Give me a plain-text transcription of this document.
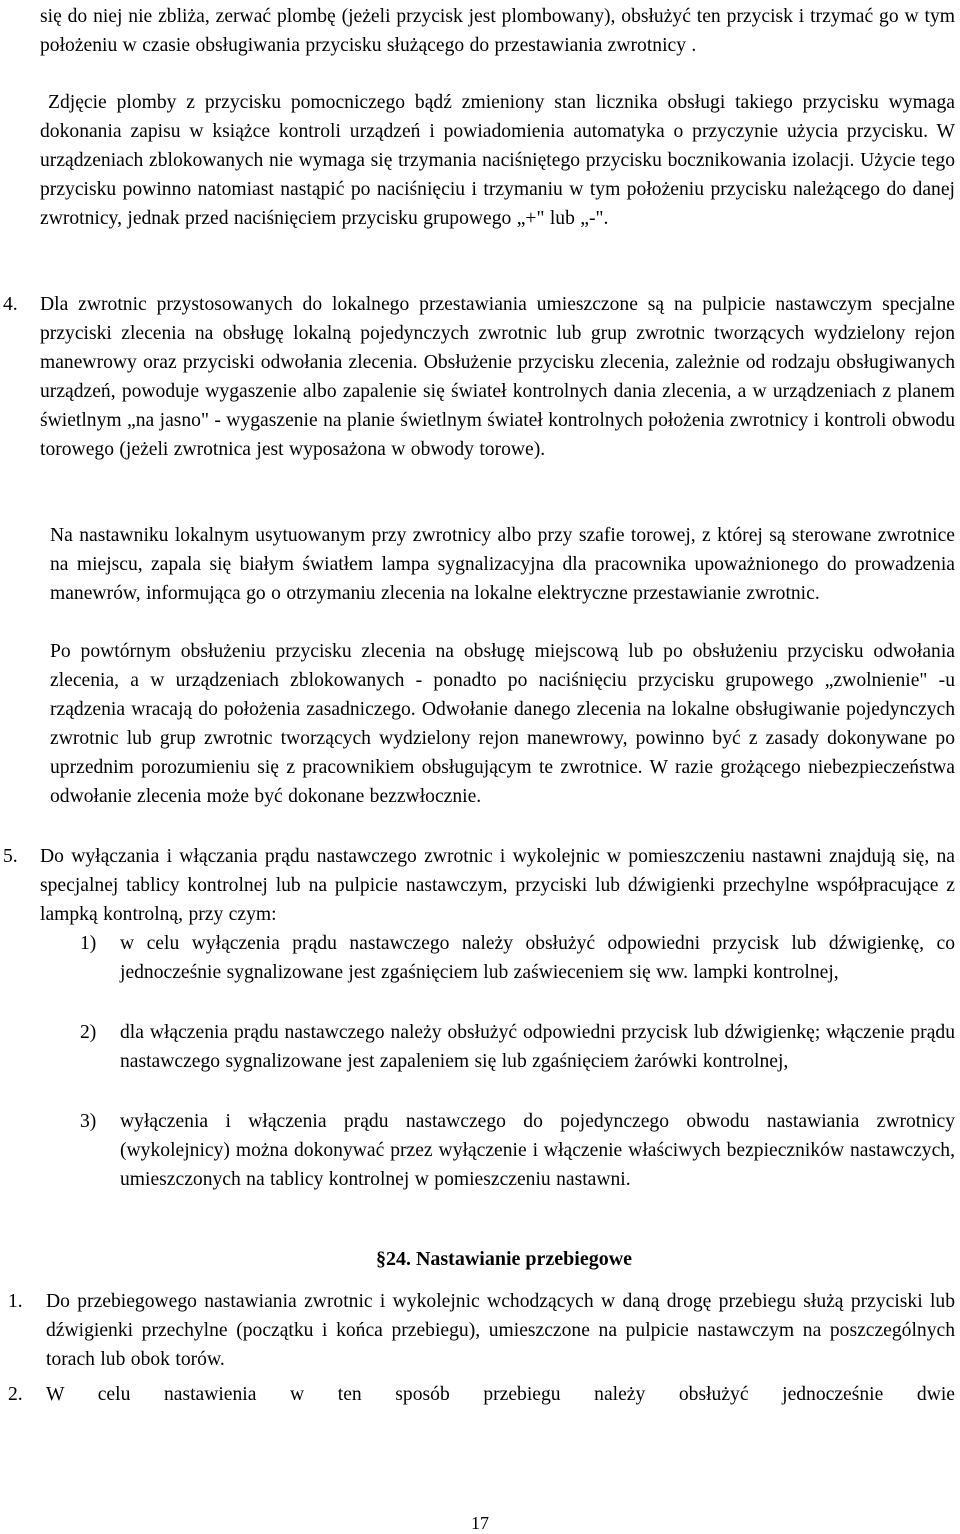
się do niej nie zbliża, zerwać plombę (jeżeli przycisk jest plombowany), obsłużyć ten przycisk i trzymać go w tym położeniu w czasie obsługiwania przycisku służącego do przestawiania zwrotnicy .
Zdjęcie plomby z przycisku pomocniczego bądź zmieniony stan licznika obsługi takiego przycisku wymaga dokonania zapisu w książce kontroli urządzeń i powiadomienia automatyka o przyczynie użycia przycisku. W urządzeniach zblokowanych nie wymaga się trzymania naciśniętego przycisku bocznikowania izolacji. Użycie tego przycisku powinno natomiast nastąpić po naciśnięciu i trzymaniu w tym położeniu przycisku należącego do danej zwrotnicy, jednak przed naciśnięciem przycisku grupowego „+" lub „-".
4. Dla zwrotnic przystosowanych do lokalnego przestawiania umieszczone są na pulpicie nastawczym specjalne przyciski zlecenia na obsługę lokalną pojedynczych zwrotnic lub grup zwrotnic tworzących wydzielony rejon manewrowy oraz przyciski odwołania zlecenia. Obsłużenie przycisku zlecenia, zależnie od rodzaju obsługiwanych urządzeń, powoduje wygaszenie albo zapalenie się świateł kontrolnych dania zlecenia, a w urządzeniach z planem świetlnym „na jasno" - wygaszenie na planie świetlnym świateł kontrolnych położenia zwrotnicy i kontroli obwodu torowego (jeżeli zwrotnica jest wyposażona w obwody torowe).
Na nastawniku lokalnym usytuowanym przy zwrotnicy albo przy szafie torowej, z której są sterowane zwrotnice na miejscu, zapala się białym światłem lampa sygnalizacyjna dla pracownika upoważnionego do prowadzenia manewrów, informująca go o otrzymaniu zlecenia na lokalne elektryczne przestawianie zwrotnic.
Po powtórnym obsłużeniu przycisku zlecenia na obsługę miejscową lub po obsłużeniu przycisku odwołania zlecenia, a w urządzeniach zblokowanych - ponadto po naciśnięciu przycisku grupowego „zwolnienie" -u rządzenia wracają do położenia zasadniczego. Odwołanie danego zlecenia na lokalne obsługiwanie pojedynczych zwrotnic lub grup zwrotnic tworzących wydzielony rejon manewrowy, powinno być z zasady dokonywane po uprzednim porozumieniu się z pracownikiem obsługującym te zwrotnice. W razie grożącego niebezpieczeństwa odwołanie zlecenia może być dokonane bezzwłocznie.
5. Do wyłączania i włączania prądu nastawczego zwrotnic i wykolejnic w pomieszczeniu nastawni znajdują się, na specjalnej tablicy kontrolnej lub na pulpicie nastawczym, przyciski lub dźwigienki przechylne współpracujące z lampką kontrolną, przy czym:
1) w celu wyłączenia prądu nastawczego należy obsłużyć odpowiedni przycisk lub dźwigienkę, co jednocześnie sygnalizowane jest zgaśnięciem lub zaświeceniem się ww. lampki kontrolnej,
2) dla włączenia prądu nastawczego należy obsłużyć odpowiedni przycisk lub dźwigienkę; włączenie prądu nastawczego sygnalizowane jest zapaleniem się lub zgaśnięciem żarówki kontrolnej,
3) wyłączenia i włączenia prądu nastawczego do pojedynczego obwodu nastawiania zwrotnicy (wykolejnicy) można dokonywać przez wyłączenie i włączenie właściwych bezpieczników nastawczych, umieszczonych na tablicy kontrolnej w pomieszczeniu nastawni.
§24. Nastawianie przebiegowe
1. Do przebiegowego nastawiania zwrotnic i wykolejnic wchodzących w daną drogę przebiegu służą przyciski lub dźwigienki przechylne (początku i końca przebiegu), umieszczone na pulpicie nastawczym na poszczególnych torach lub obok torów.
2. W celu nastawienia w ten sposób przebiegu należy obsłużyć jednocześnie dwie
17
